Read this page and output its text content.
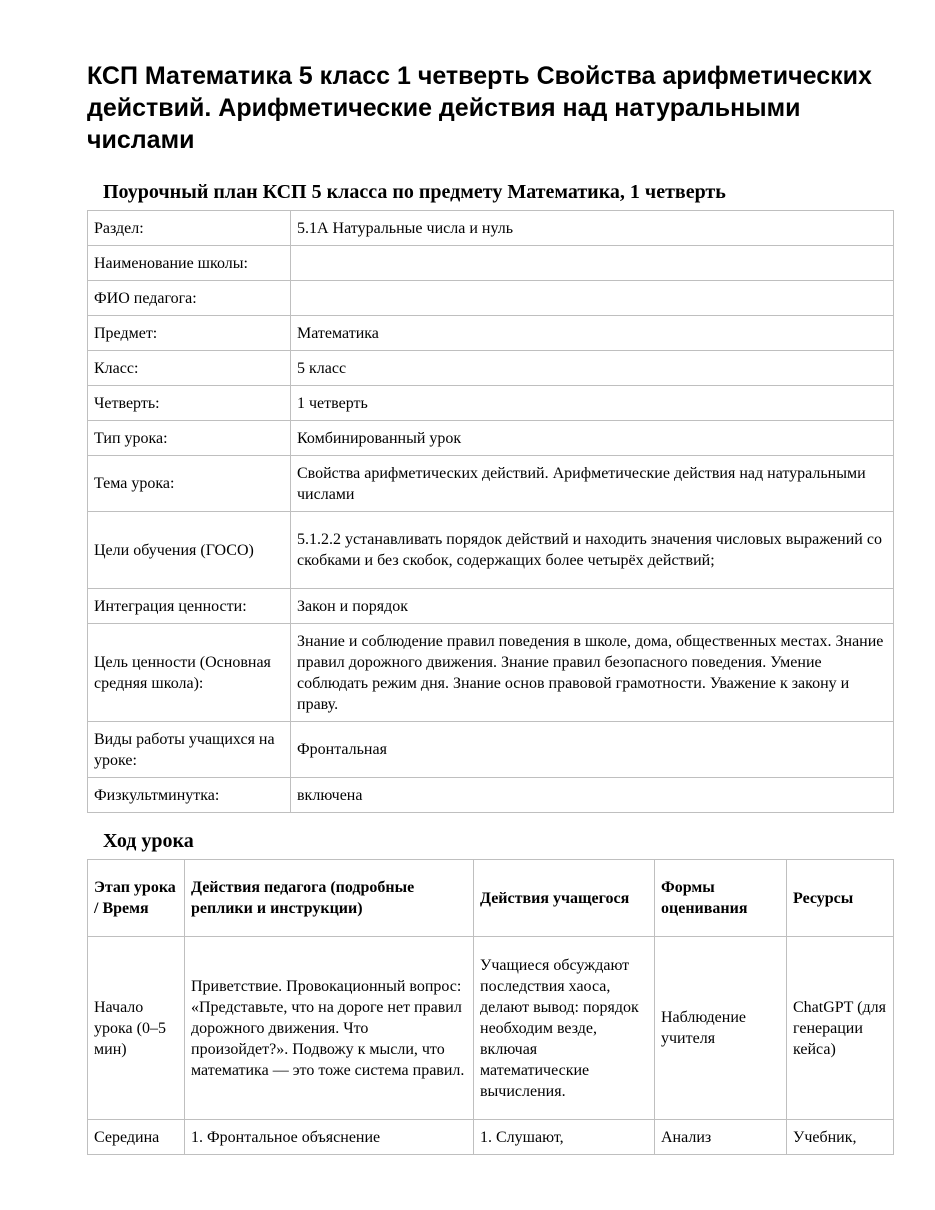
КСП Математика 5 класс 1 четверть Свойства арифметических действий. Арифметические действия над натуральными числами
Поурочный план КСП 5 класса по предмету Математика, 1 четверть
Раздел:	5.1А Натуральные числа и нуль
Наименование школы:	
ФИО педагога:	
Предмет:	Математика
Класс:	5 класс
Четверть:	1 четверть
Тип урока:	Комбинированный урок
Тема урока:	Свойства арифметических действий. Арифметические действия над натуральными числами
Цели обучения (ГОСО)	5.1.2.2 устанавливать порядок действий и находить значения числовых выражений со скобками и без скобок, содержащих более четырёх действий;
Интеграция ценности:	Закон и порядок
Цель ценности (Основная средняя школа):	Знание и соблюдение правил поведения в школе, дома, общественных местах. Знание правил дорожного движения. Знание правил безопасного поведения. Умение соблюдать режим дня. Знание основ правовой грамотности. Уважение к закону и праву.
Виды работы учащихся на уроке:	Фронтальная
Физкультминутка:	включена
Ход урока
Этап урока / Время	Действия педагога (подробные реплики и инструкции)	Действия учащегося	Формы оценивания	Ресурсы
Начало урока (0–5 мин)	Приветствие. Провокационный вопрос: «Представьте, что на дороге нет правил дорожного движения. Что произойдет?». Подвожу к мысли, что математика — это тоже система правил.	Учащиеся обсуждают последствия хаоса, делают вывод: порядок необходим везде, включая математические вычисления.	Наблюдение учителя	ChatGPT (для генерации кейса)
Середина	1. Фронтальное объяснение	1. Слушают,	Анализ	Учебник,
